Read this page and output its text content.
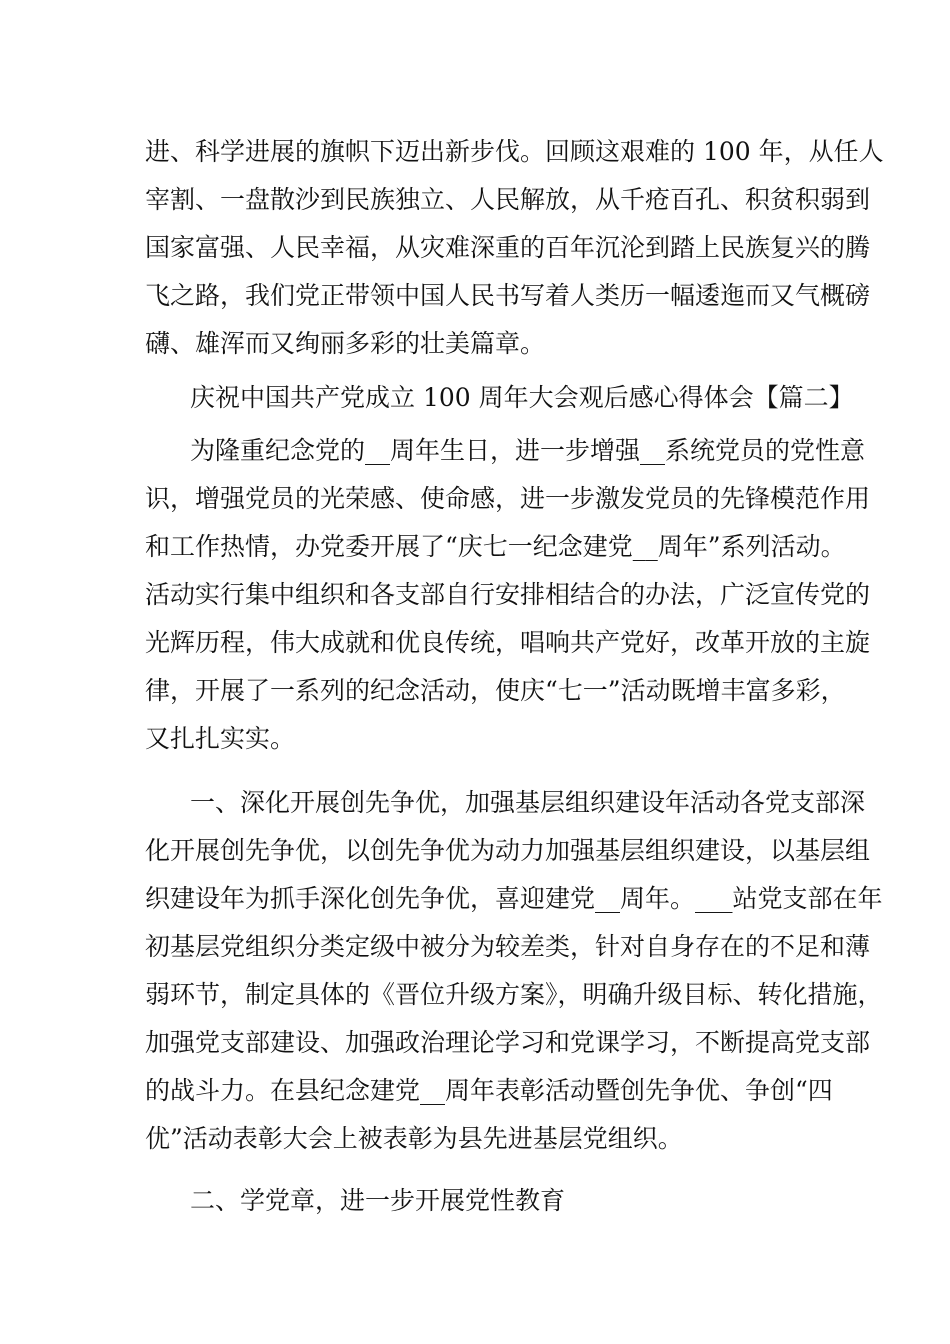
进、科学进展的旗帜下迈出新步伐。回顾这艰难的 100 年，从任人
宰割、一盘散沙到民族独立、人民解放，从千疮百孔、积贫积弱到
国家富强、人民幸福，从灾难深重的百年沉沦到踏上民族复兴的腾
飞之路，我们党正带领中国人民书写着人类历一幅逶迤而又气概磅
礴、雄浑而又绚丽多彩的壮美篇章。
庆祝中国共产党成立 100 周年大会观后感心得体会【篇二】
为隆重纪念党的__周年生日，进一步增强__系统党员的党性意
识，增强党员的光荣感、使命感，进一步激发党员的先锋模范作用
和工作热情，办党委开展了“庆七一纪念建党__周年”系列活动。
活动实行集中组织和各支部自行安排相结合的办法，广泛宣传党的
光辉历程，伟大成就和优良传统，唱响共产党好，改革开放的主旋
律，开展了一系列的纪念活动，使庆“七一”活动既增丰富多彩，
又扎扎实实。
一、深化开展创先争优，加强基层组织建设年活动各党支部深
化开展创先争优，以创先争优为动力加强基层组织建设，以基层组
织建设年为抓手深化创先争优，喜迎建党__周年。___站党支部在年
初基层党组织分类定级中被分为较差类，针对自身存在的不足和薄
弱环节，制定具体的《晋位升级方案》，明确升级目标、转化措施，
加强党支部建设、加强政治理论学习和党课学习，不断提高党支部
的战斗力。在县纪念建党__周年表彰活动暨创先争优、争创“四
优”活动表彰大会上被表彰为县先进基层党组织。
二、学党章，进一步开展党性教育
